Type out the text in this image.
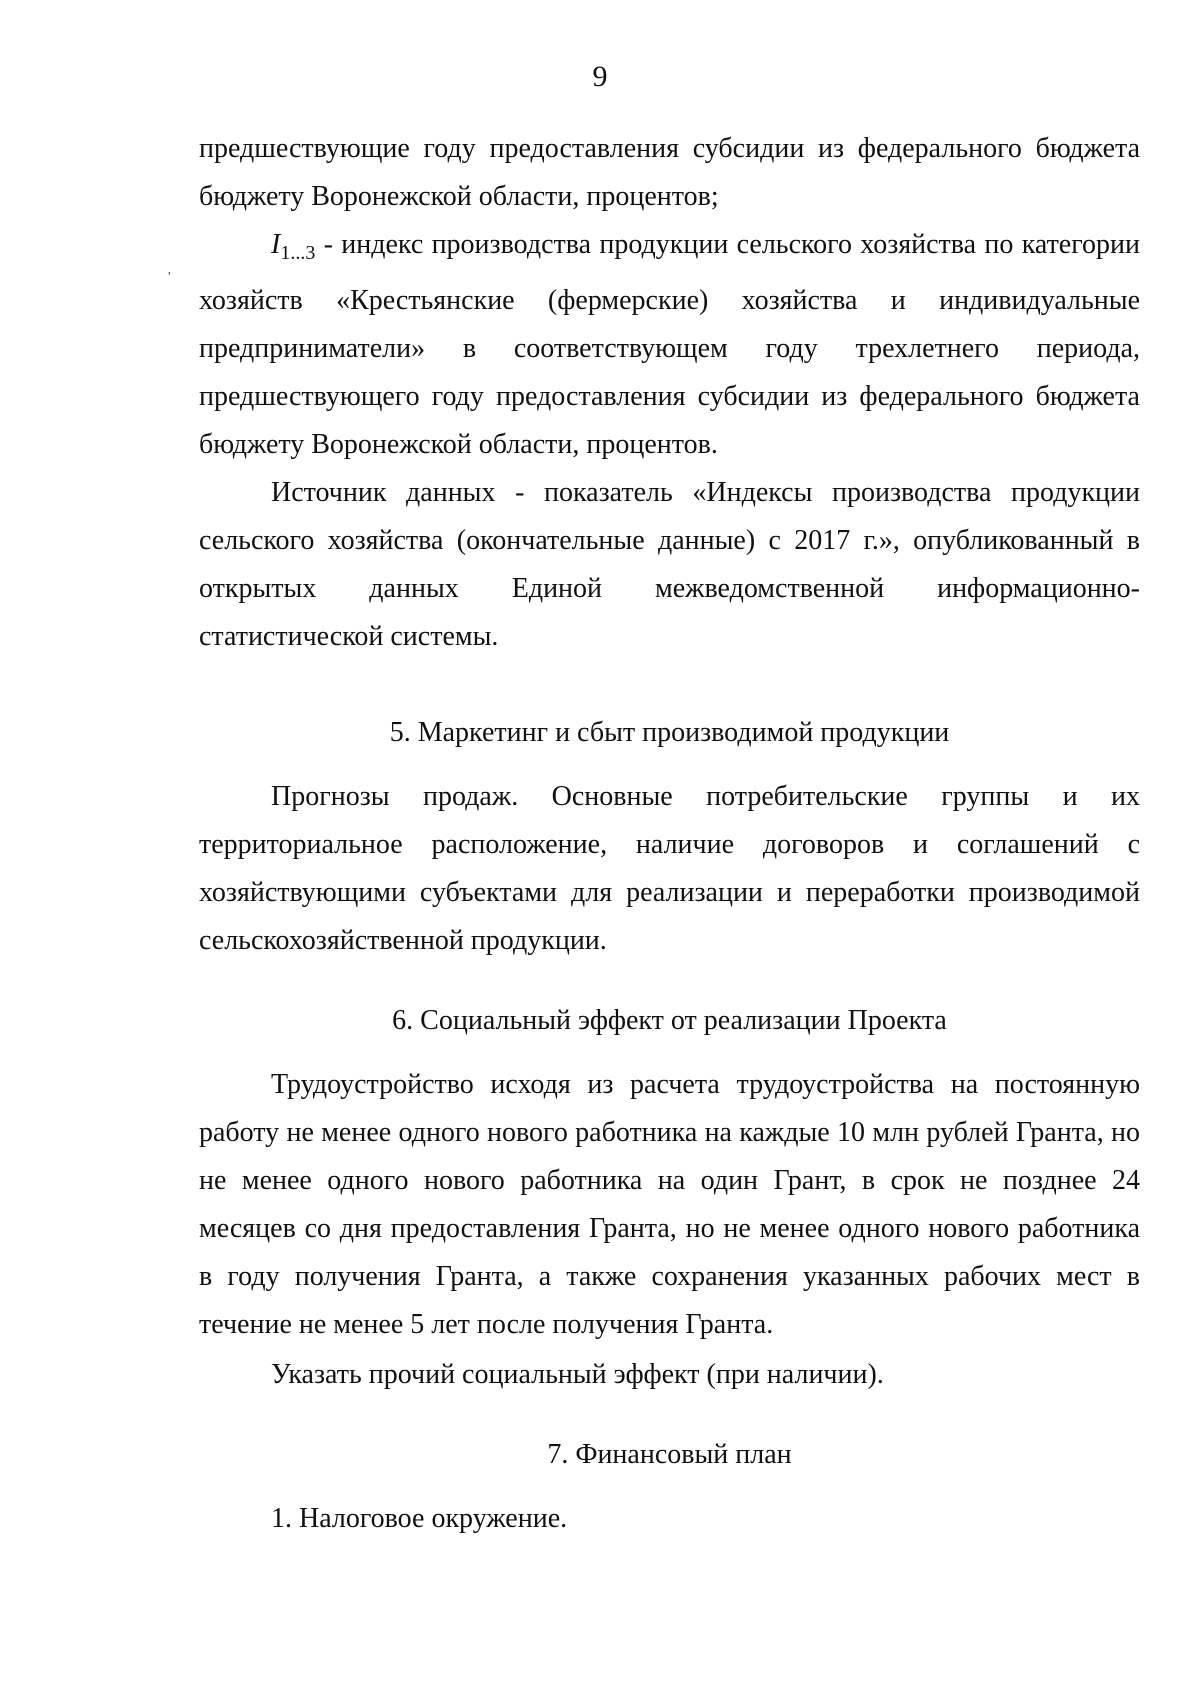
9
'

предшествующие году предоставления субсидии из федерального бюджета бюджету Воронежской области, процентов;

$I_{1...3}$ - индекс производства продукции сельского хозяйства по категории хозяйств «Крестьянские (фермерские) хозяйства и индивидуальные предприниматели» в соответствующем году трехлетнего периода, предшествующего году предоставления субсидии из федерального бюджета бюджету Воронежской области, процентов.

Источник данных - показатель «Индексы производства продукции сельского хозяйства (окончательные данные) с 2017 г.», опубликованный в открытых данных Единой межведомственной информационно-статистической системы.

5. Маркетинг и сбыт производимой продукции

Прогнозы продаж. Основные потребительские группы и их территориальное расположение, наличие договоров и соглашений с хозяйствующими субъектами для реализации и переработки производимой сельскохозяйственной продукции.

6. Социальный эффект от реализации Проекта

Трудоустройство исходя из расчета трудоустройства на постоянную работу не менее одного нового работника на каждые 10 млн рублей Гранта, но не менее одного нового работника на один Грант, в срок не позднее 24 месяцев со дня предоставления Гранта, но не менее одного нового работника в году получения Гранта, а также сохранения указанных рабочих мест в течение не менее 5 лет после получения Гранта.

Указать прочий социальный эффект (при наличии).

7. Финансовый план

1. Налоговое окружение.
